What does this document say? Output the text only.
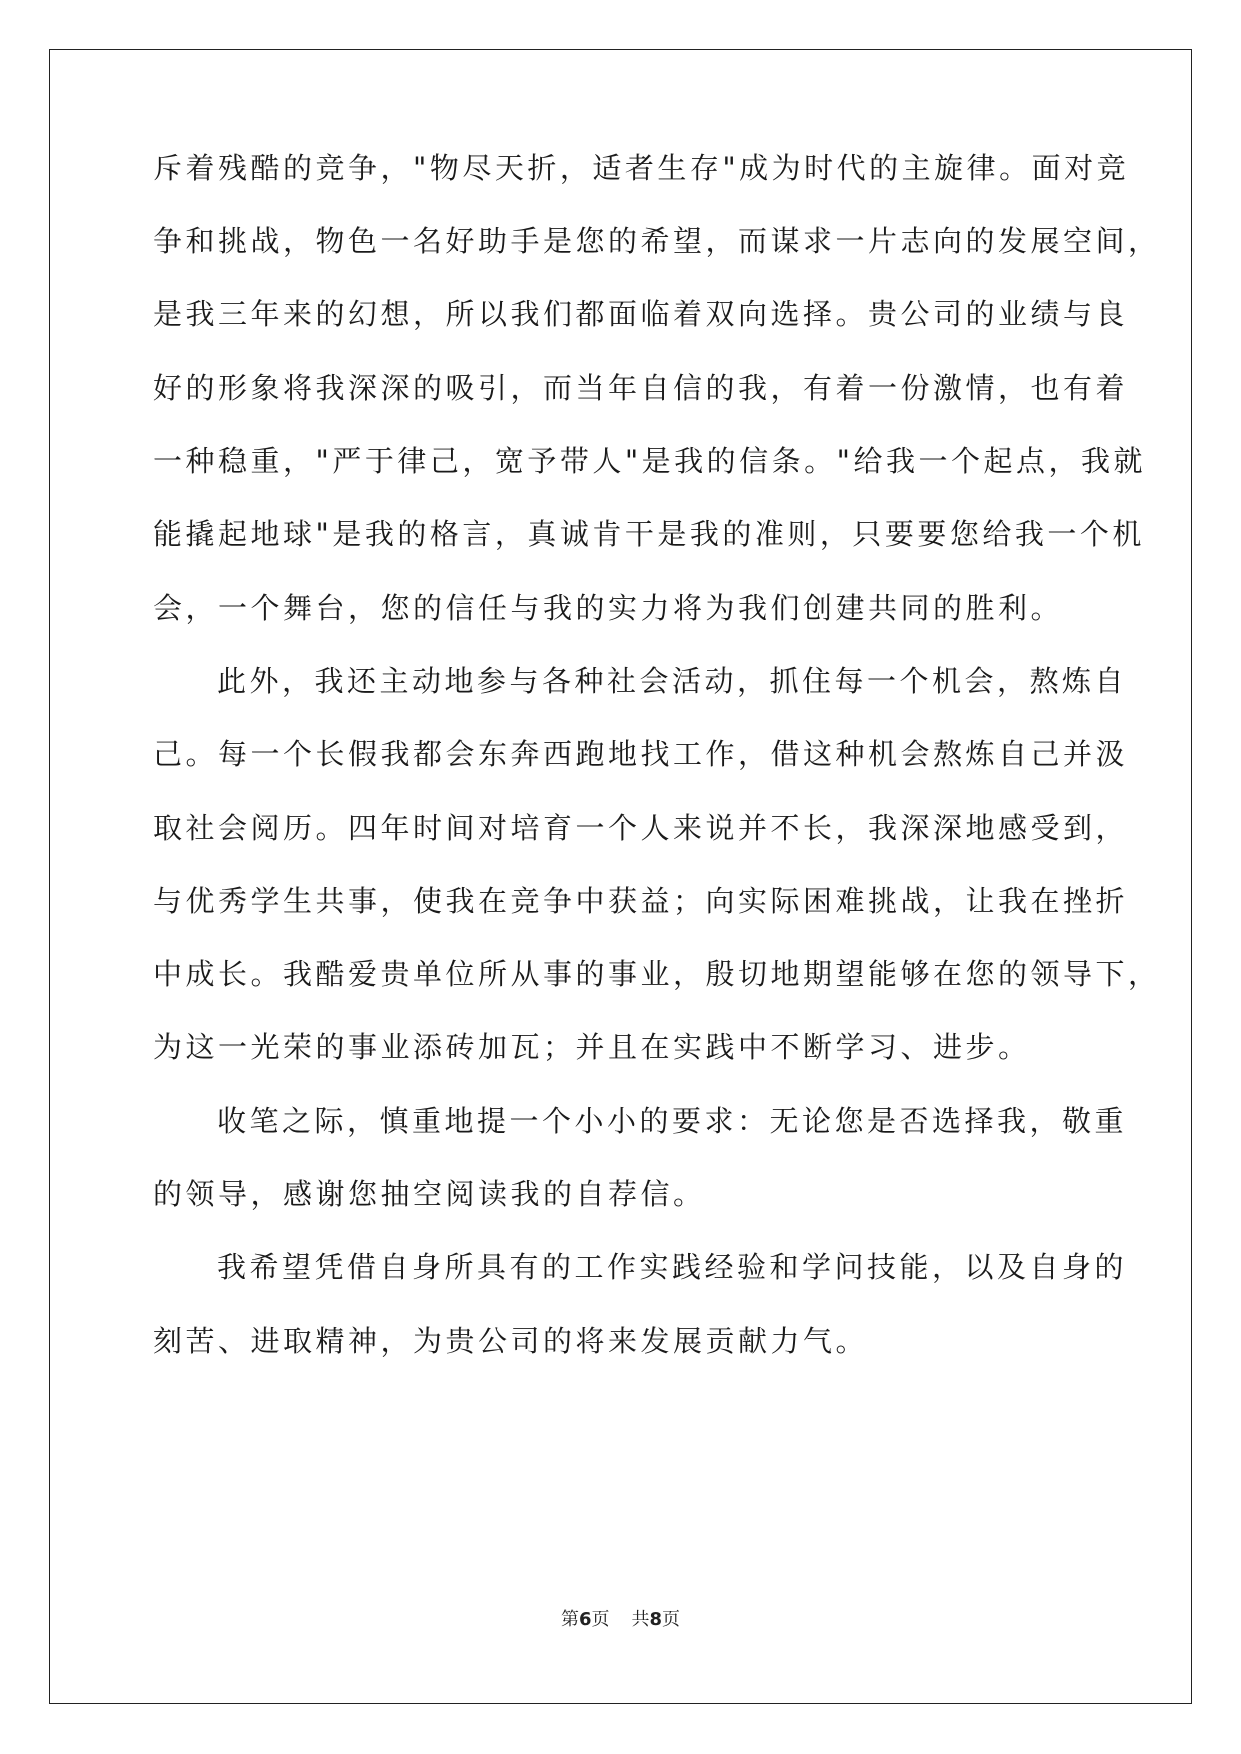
斥着残酷的竞争，"物尽天折，适者生存"成为时代的主旋律。面对竞
争和挑战，物色一名好助手是您的希望，而谋求一片志向的发展空间，
是我三年来的幻想，所以我们都面临着双向选择。贵公司的业绩与良
好的形象将我深深的吸引，而当年自信的我，有着一份激情，也有着
一种稳重，"严于律己，宽予带人"是我的信条。"给我一个起点，我就
能撬起地球"是我的格言，真诚肯干是我的准则，只要要您给我一个机
会，一个舞台，您的信任与我的实力将为我们创建共同的胜利。
此外，我还主动地参与各种社会活动，抓住每一个机会，熬炼自
己。每一个长假我都会东奔西跑地找工作，借这种机会熬炼自己并汲
取社会阅历。四年时间对培育一个人来说并不长，我深深地感受到，
与优秀学生共事，使我在竞争中获益；向实际困难挑战，让我在挫折
中成长。我酷爱贵单位所从事的事业，殷切地期望能够在您的领导下，
为这一光荣的事业添砖加瓦；并且在实践中不断学习、进步。
收笔之际，慎重地提一个小小的要求：无论您是否选择我，敬重
的领导，感谢您抽空阅读我的自荐信。
我希望凭借自身所具有的工作实践经验和学问技能，以及自身的
刻苦、进取精神，为贵公司的将来发展贡献力气。
第6页 共8页
